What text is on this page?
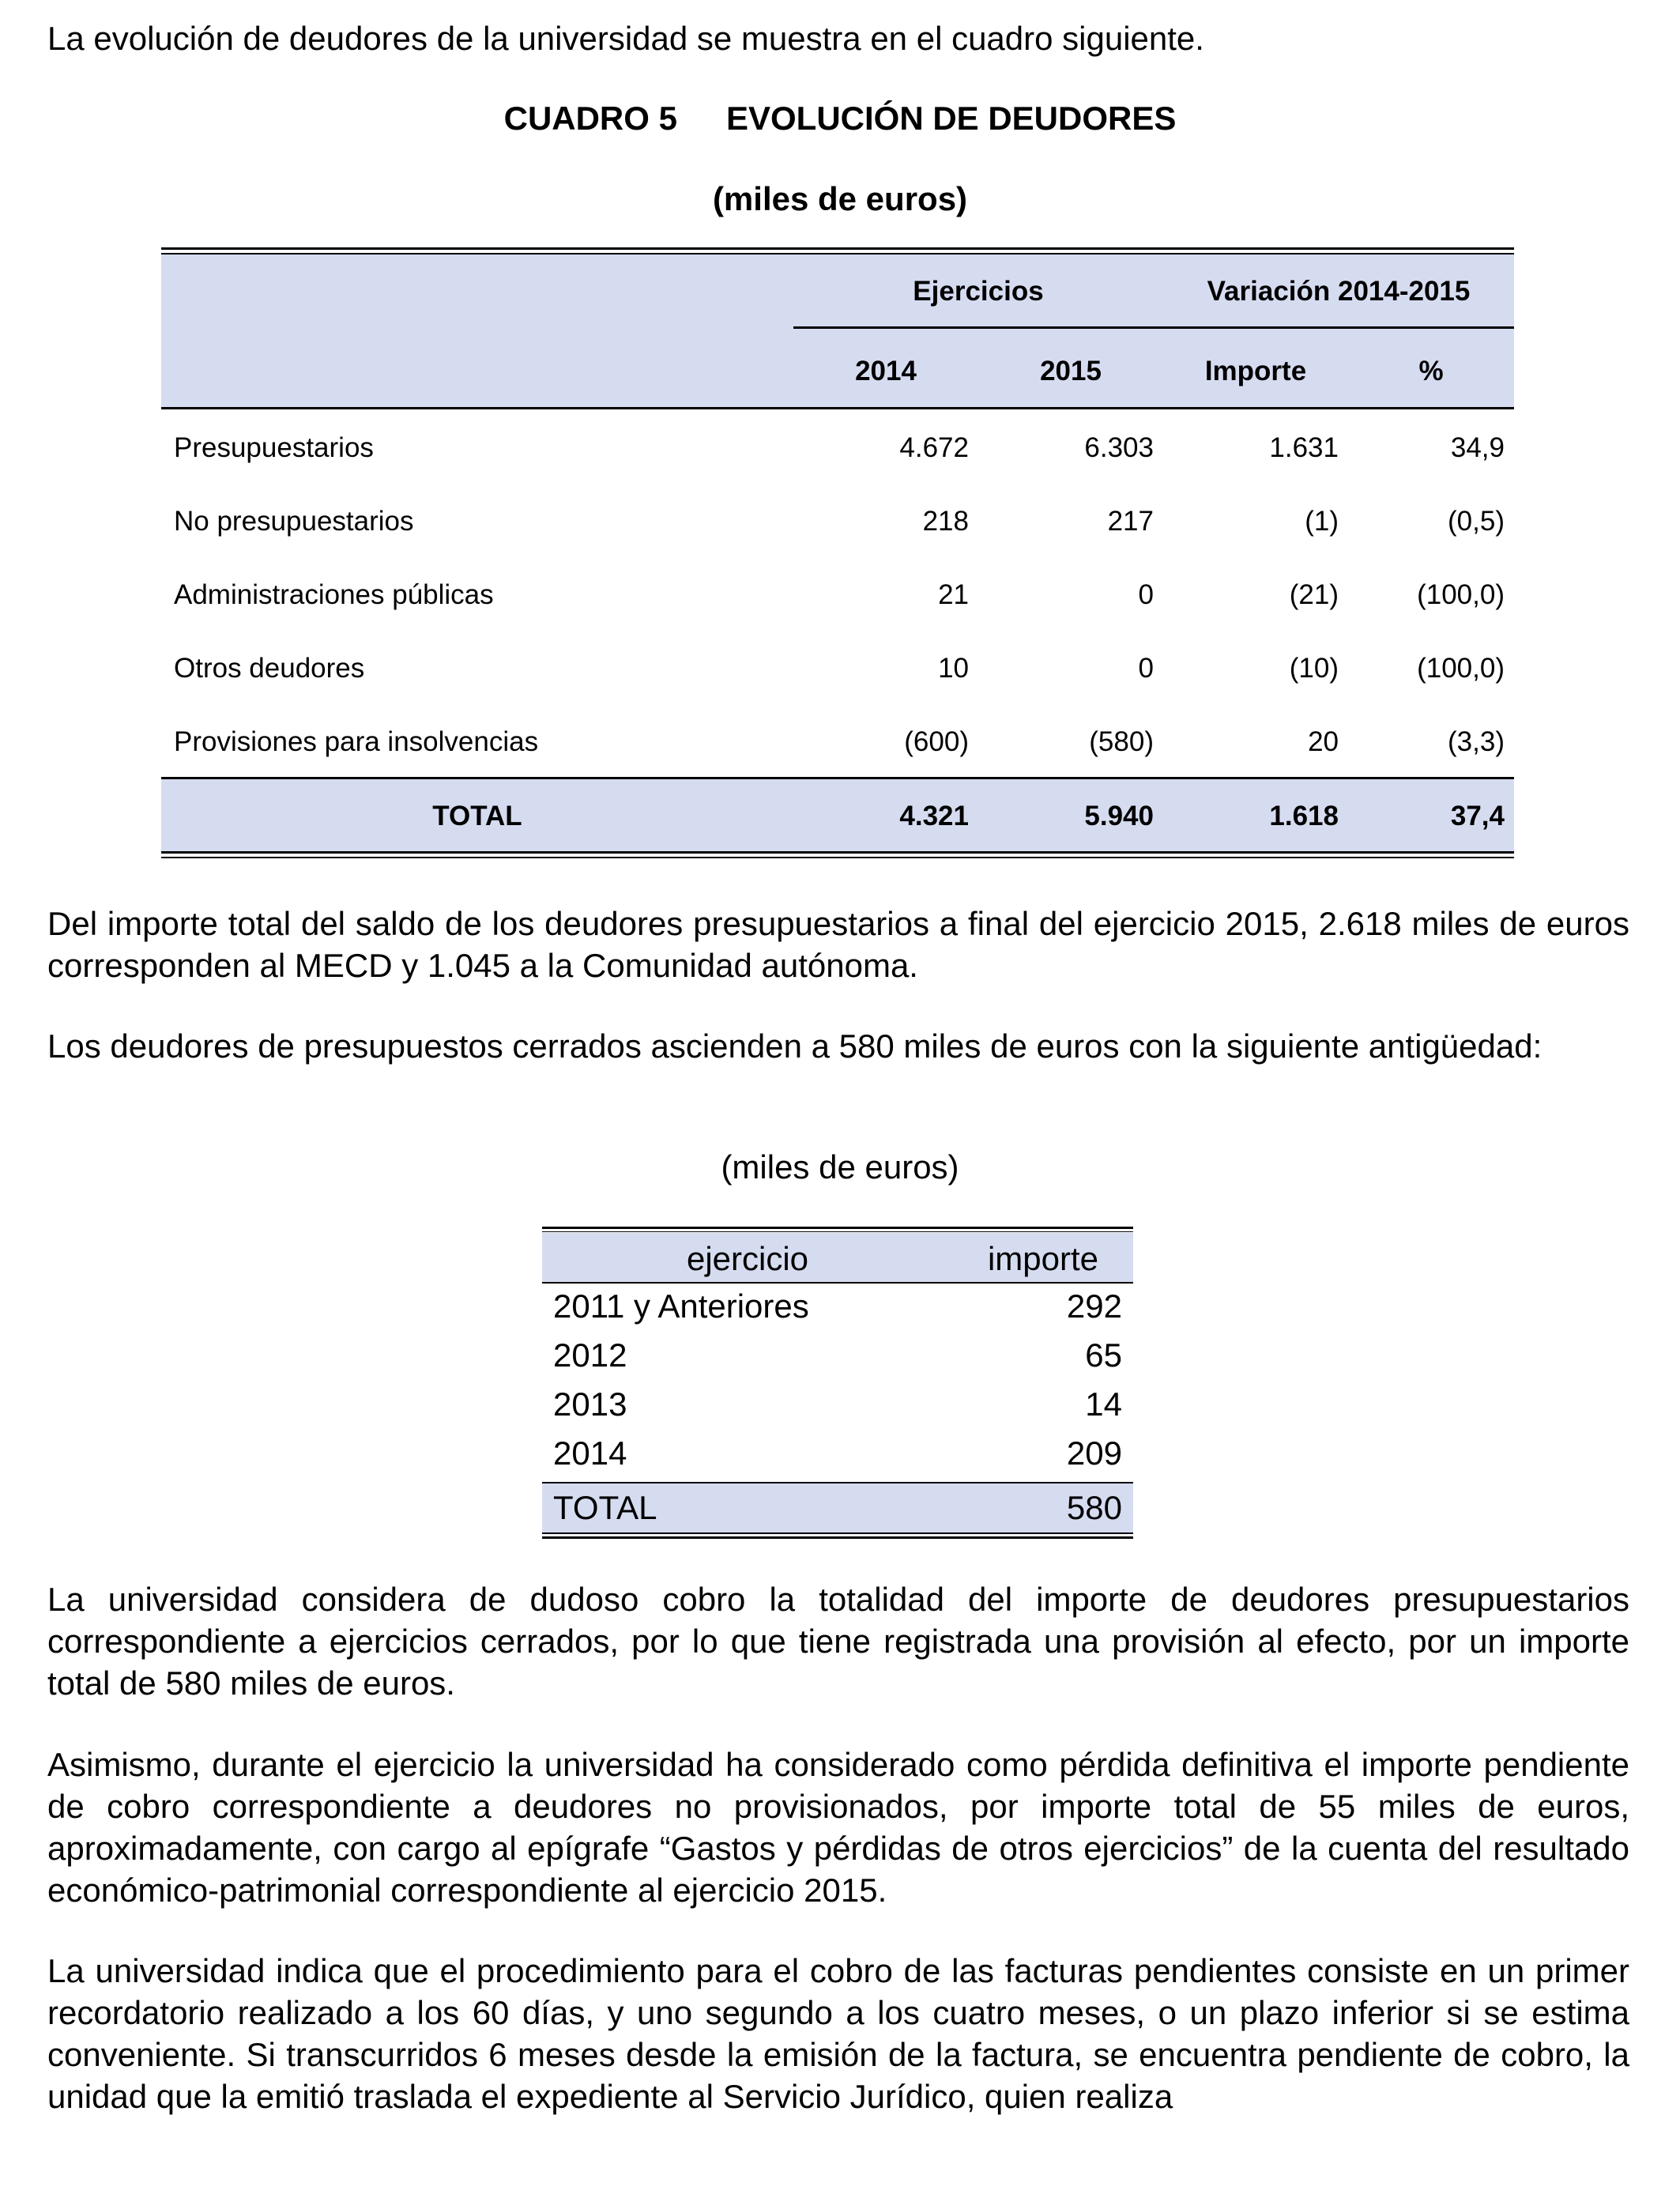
La evolución de deudores de la universidad se muestra en el cuadro siguiente.

CUADRO 5 EVOLUCIÓN DE DEUDORES
(miles de euros)
Ejercicios	Variación 2014-2015
2014	2015	Importe	%
Presupuestarios	4.672	6.303	1.631	34,9
No presupuestarios	218	217	(1)	(0,5)
Administraciones públicas	21	0	(21)	(100,0)
Otros deudores	10	0	(10)	(100,0)
Provisiones para insolvencias	(600)	(580)	20	(3,3)
TOTAL	4.321	5.940	1.618	37,4

Del importe total del saldo de los deudores presupuestarios a final del ejercicio 2015, 2.618 miles de euros corresponden al MECD y 1.045 a la Comunidad autónoma.

Los deudores de presupuestos cerrados ascienden a 580 miles de euros con la siguiente antigüedad:

(miles de euros)
ejercicio	importe
2011 y Anteriores	292
2012	65
2013	14
2014	209
TOTAL	580

La universidad considera de dudoso cobro la totalidad del importe de deudores presupuestarios correspondiente a ejercicios cerrados, por lo que tiene registrada una provisión al efecto, por un importe total de 580 miles de euros.

Asimismo, durante el ejercicio la universidad ha considerado como pérdida definitiva el importe pendiente de cobro correspondiente a deudores no provisionados, por importe total de 55 miles de euros, aproximadamente, con cargo al epígrafe “Gastos y pérdidas de otros ejercicios” de la cuenta del resultado económico-patrimonial correspondiente al ejercicio 2015.

La universidad indica que el procedimiento para el cobro de las facturas pendientes consiste en un primer recordatorio realizado a los 60 días, y uno segundo a los cuatro meses, o un plazo inferior si se estima conveniente. Si transcurridos 6 meses desde la emisión de la factura, se encuentra pendiente de cobro, la unidad que la emitió traslada el expediente al Servicio Jurídico, quien realiza
